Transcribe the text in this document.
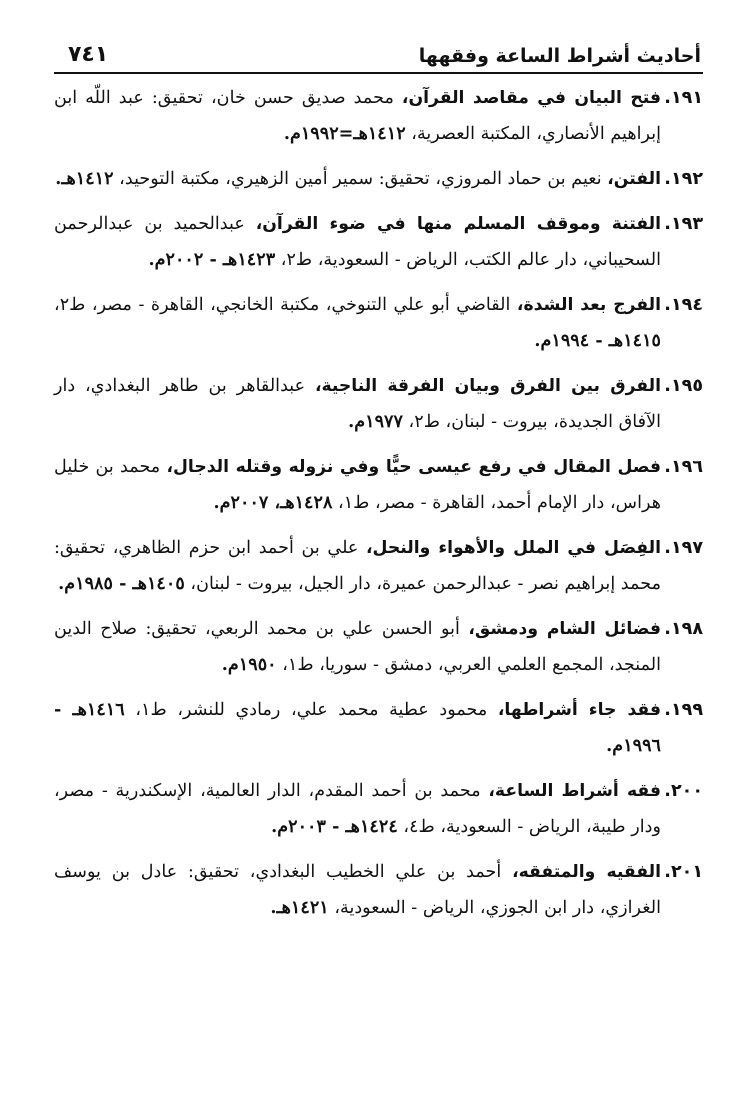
أحاديث أشراط الساعة وفقهها
٧٤١
١٩١.
فتح البيان في مقاصد القرآن، محمد صديق حسن خان، تحقيق: عبد اللّه ابن إبراهيم الأنصاري، المكتبة العصرية، ١٤١٢هـ=١٩٩٢م.
١٩٢.
الفتن، نعيم بن حماد المروزي، تحقيق: سمير أمين الزهيري، مكتبة التوحيد، ١٤١٢هـ.
١٩٣.
الفتنة وموقف المسلم منها في ضوء القرآن، عبدالحميد بن عبدالرحمن السحيباني، دار عالم الكتب، الرياض - السعودية، ط٢، ١٤٢٣هـ - ٢٠٠٢م.
١٩٤.
الفرج بعد الشدة، القاضي أبو علي التنوخي، مكتبة الخانجي، القاهرة - مصر، ط٢، ١٤١٥هـ - ١٩٩٤م.
١٩٥.
الفرق بين الفرق وبيان الفرقة الناجية، عبدالقاهر بن طاهر البغدادي، دار الآفاق الجديدة، بيروت - لبنان، ط٢، ١٩٧٧م.
١٩٦.
فصل المقال في رفع عيسى حيًّا وفي نزوله وقتله الدجال، محمد بن خليل هراس، دار الإمام أحمد، القاهرة - مصر، ط١، ١٤٢٨هـ، ٢٠٠٧م.
١٩٧.
الفِصَل في الملل والأهواء والنحل، علي بن أحمد ابن حزم الظاهري، تحقيق: محمد إبراهيم نصر - عبدالرحمن عميرة، دار الجيل، بيروت - لبنان، ١٤٠٥هـ - ١٩٨٥م.
١٩٨.
فضائل الشام ودمشق، أبو الحسن علي بن محمد الربعي، تحقيق: صلاح الدين المنجد، المجمع العلمي العربي، دمشق - سوريا، ط١، ١٩٥٠م.
١٩٩.
فقد جاء أشراطها، محمود عطية محمد علي، رمادي للنشر، ط١، ١٤١٦هـ - ١٩٩٦م.
٢٠٠.
فقه أشراط الساعة، محمد بن أحمد المقدم، الدار العالمية، الإسكندرية - مصر، ودار طيبة، الرياض - السعودية، ط٤، ١٤٢٤هـ - ٢٠٠٣م.
٢٠١.
الفقيه والمتفقه، أحمد بن علي الخطيب البغدادي، تحقيق: عادل بن يوسف الغرازي، دار ابن الجوزي، الرياض - السعودية، ١٤٢١هـ.
